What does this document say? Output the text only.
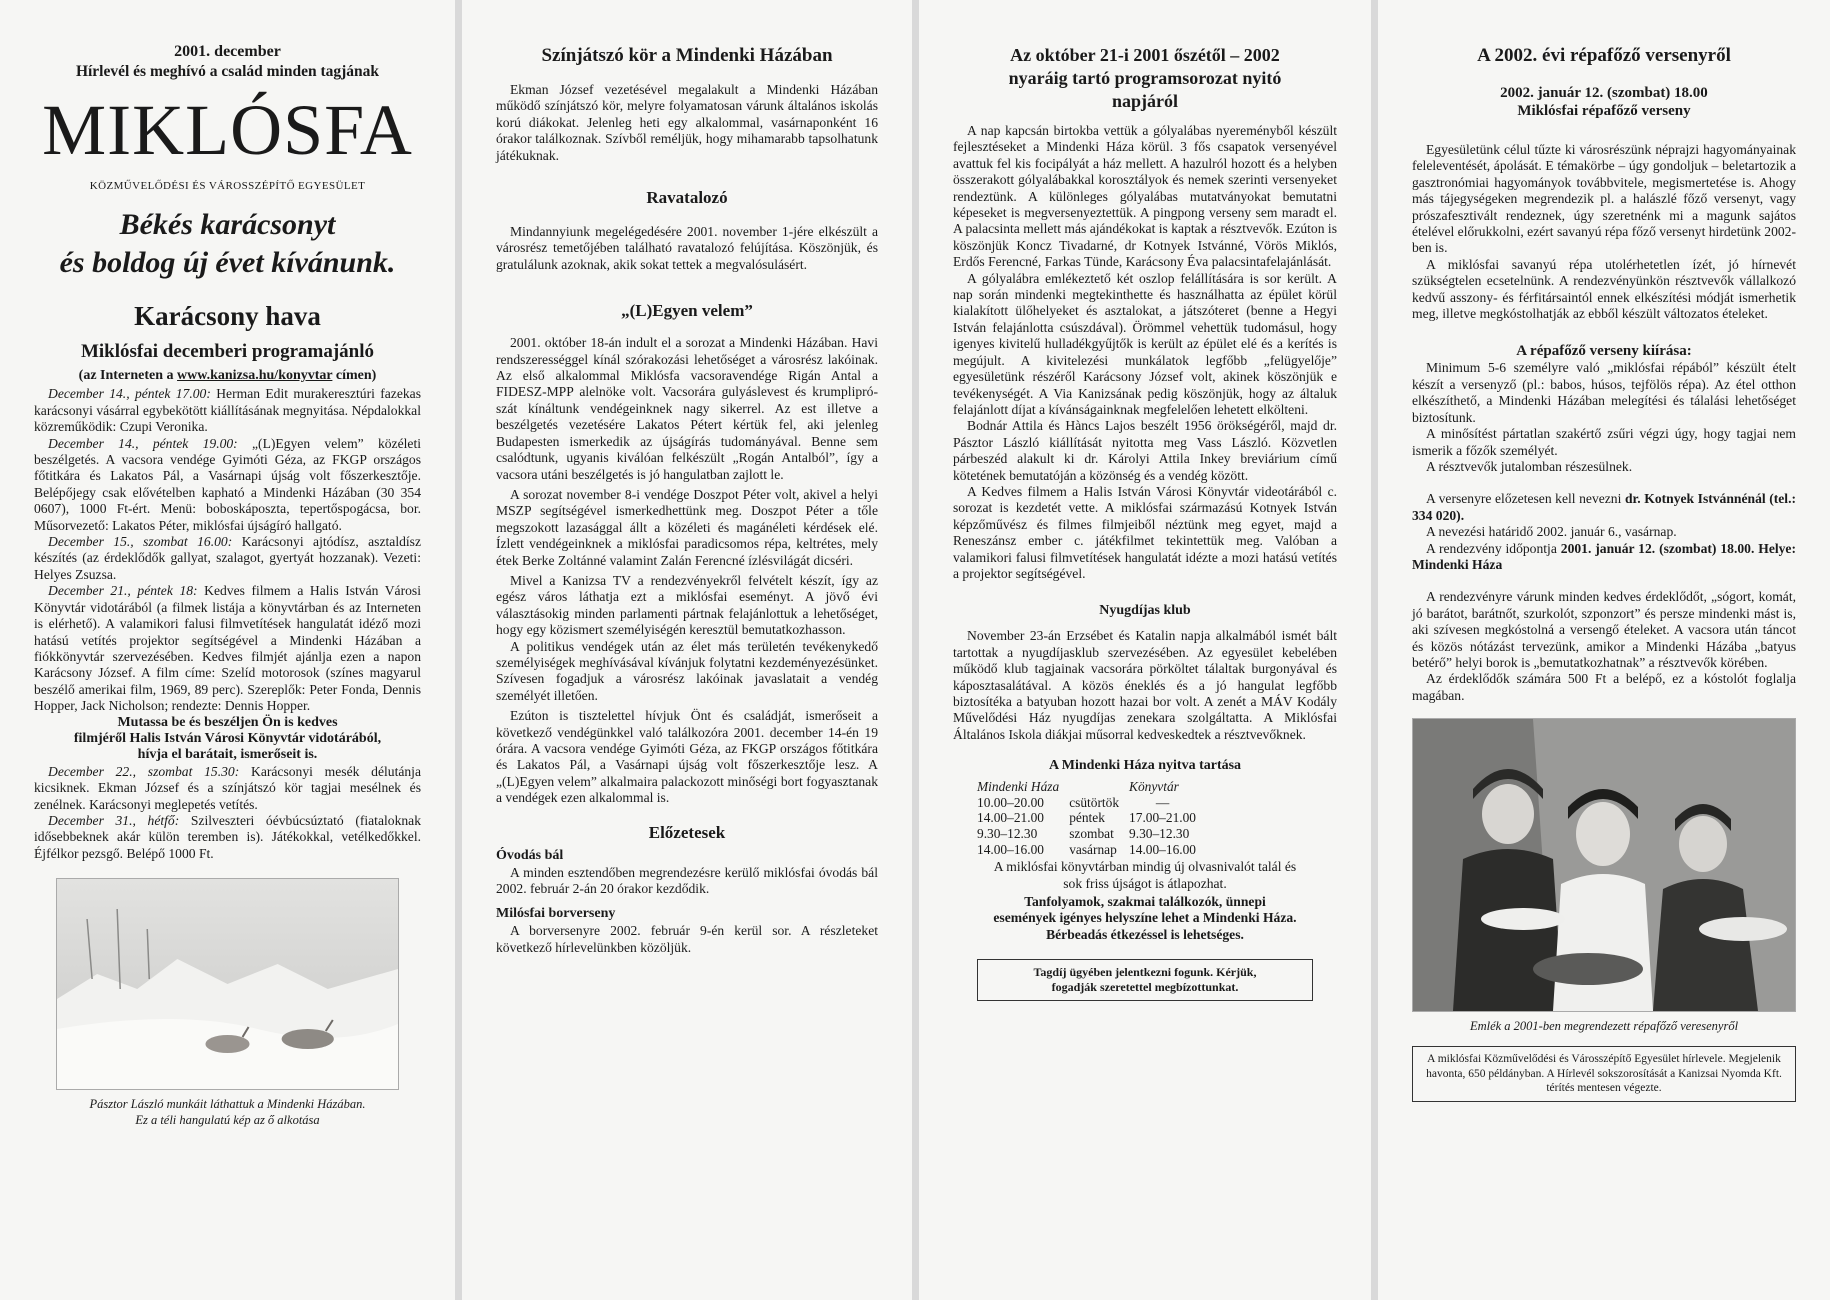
2001. december
Hírlevél és meghívó a család minden tagjának
MIKLÓSFA
KÖZMŰVELŐDÉSI ÉS VÁROSSZÉPÍTŐ EGYESÜLET
Békés karácsonyt
és boldog új évet kívánunk.
Karácsony hava
Miklósfai decemberi programajánló

(az Interneten a www.kanizsa.hu/konyvtar címen)

December 14., péntek 17.00: Herman Edit murakeresztúri fazekas karácsonyi vásárral egybekötött kiállításának megnyitása. Népdalokkal közreműködik: Czupi Veronika.

December 14., péntek 19.00: „(L)Egyen velem” közéleti beszélgetés. A vacsora vendége Gyimóti Géza, az FKGP országos főtitkára és Lakatos Pál, a Vasárnapi újság volt főszerkesztője. Belépőjegy csak elővételben kapható a Mindenki Házában (30 354 0607), 1000 Ft-ért. Menü: boboskáposzta, tepertőspogácsa, bor. Műsorvezető: Lakatos Péter, miklósfai újságíró hallgató.

December 15., szombat 16.00: Karácsonyi ajtódísz, asztaldísz készítés (az érdeklődők gallyat, szalagot, gyertyát hozzanak). Vezeti: Helyes Zsuzsa.

December 21., péntek 18: Kedves filmem a Halis István Városi Könyvtár vidotárából (a filmek listája a könyvtárban és az Interneten is elérhető). A valamikori falusi filmvetítések hangulatát idéző mozi hatású vetítés projektor segítségével a Mindenki Házában a fiókkönyvtár szervezésében. Kedves filmjét ajánlja ezen a napon Karácsony József. A film címe: Szelíd motorosok (színes magyarul beszélő amerikai film, 1969, 89 perc). Szereplők: Peter Fonda, Dennis Hopper, Jack Nicholson; rendezte: Dennis Hopper.

Mutassa be és beszéljen Ön is kedves
filmjéről Halis István Városi Könyvtár vidotárából,
hívja el barátait, ismerőseit is.

December 22., szombat 15.30: Karácsonyi mesék délutánja kicsiknek. Ekman József és a színjátszó kör tagjai mesélnek és zenélnek. Karácsonyi meglepetés vetítés.

December 31., hétfő: Szilveszteri óévbúcsúztató (fiataloknak idősebbeknek akár külön teremben is). Játékokkal, vetélkedőkkel. Éjfélkor pezsgő. Belépő 1000 Ft.

Pásztor László munkáit láthattuk a Mindenki Házában.
Ez a téli hangulatú kép az ő alkotása
Színjátszó kör a Mindenki Házában

Ekman József vezetésével megalakult a Mindenki Házában működő színjátszó kör, melyre folyamatosan várunk általános iskolás korú diákokat. Jelenleg heti egy alkalommal, vasárnaponként 16 órakor találkoznak. Szívből reméljük, hogy mihamarabb tapsolhatunk játékuknak.

Ravatalozó

Mindannyiunk megelégedésére 2001. november 1-jére elkészült a városrész temetőjében található ravatalozó felújítása. Köszönjük, és gratulálunk azoknak, akik sokat tettek a megvalósulásért.

„(L)Egyen velem”

2001. október 18-án indult el a sorozat a Mindenki Házában. Havi rendszerességgel kínál szórakozási lehetőséget a városrész lakóinak. Az első alkalommal Miklósfa vacsoravendége Rigán Antal a FIDESZ-MPP alelnöke volt. Vacsorára gulyáslevest és krumpliprószát kínáltunk vendégeinknek nagy sikerrel. Az est illetve a beszélgetés vezetésére Lakatos Pétert kértük fel, aki jelenleg Budapesten ismerkedik az újságírás tudományával. Benne sem csalódtunk, ugyanis kiválóan felkészült „Rogán Antalból”, így a vacsora utáni beszélgetés is jó hangulatban zajlott le.

A sorozat november 8-i vendége Doszpot Péter volt, akivel a helyi MSZP segítségével ismerkedhettünk meg. Doszpot Péter a tőle megszokott lazasággal állt a közéleti és magánéleti kérdések elé. Ízlett vendégeinknek a miklósfai paradicsomos répa, keltrétes, mely étek Berke Zoltánné valamint Zalán Ferencné ízlésvilágát dicséri.

Mivel a Kanizsa TV a rendezvényekről felvételt készít, így az egész város láthatja ezt a miklósfai eseményt. A jövő évi választásokig minden parlamenti pártnak felajánlottuk a lehetőséget, hogy egy közismert személyiségén keresztül bemutatkozhasson.

A politikus vendégek után az élet más területén tevékenykedő személyiségek meghívásával kívánjuk folytatni kezdeményezésünket. Szívesen fogadjuk a városrész lakóinak javaslatait a vendég személyét illetően.

Ezúton is tisztelettel hívjuk Önt és családját, ismerőseit a következő vendégünkkel való találkozóra 2001. december 14-én 19 órára. A vacsora vendége Gyimóti Géza, az FKGP országos főtitkára és Lakatos Pál, a Vasárnapi újság volt főszerkesztője lesz. A „(L)Egyen velem” alkalmaira palackozott minőségi bort fogyasztanak a vendégek ezen alkalommal is.

Előzetesek
Óvodás bál

A minden esztendőben megrendezésre kerülő miklósfai óvodás bál 2002. február 2-án 20 órakor kezdődik.

Milósfai borverseny

A borversenyre 2002. február 9-én kerül sor. A részleteket következő hírlevelünkben közöljük.

Az október 21-i 2001 őszétől – 2002
nyaráig tartó programsorozat nyitó
napjáról

A nap kapcsán birtokba vettük a gólyalábas nyereményből készült fejlesztéseket a Mindenki Háza körül. 3 fős csapatok versenyével avattuk fel kis focipályát a ház mellett. A hazulról hozott és a helyben összerakott gólyalábakkal korosztályok és nemek szerinti versenyeket rendeztünk. A különleges gólyalábas mutatványokat bemutatni képeseket is megversenyeztettük. A pingpong verseny sem maradt el. A palacsinta mellett más ajándékokat is kaptak a résztvevők. Ezúton is köszönjük Koncz Tivadarné, dr Kotnyek Istvánné, Vörös Miklós, Erdős Ferencné, Farkas Tünde, Karácsony Éva palacsintafelajánlását.

A gólyalábra emlékeztető két oszlop felállítására is sor került. A nap során mindenki megtekinthette és használhatta az épület körül kialakított ülőhelyeket és asztalokat, a játszóteret (benne a Hegyi István felajánlotta csúszdával). Örömmel vehettük tudomásul, hogy igenyes kivitelű hulladékgyűjtők is került az épület elé és a kerítés is megújult. A kivitelezési munkálatok legfőbb „felügyelője” egyesületünk részéről Karácsony József volt, akinek köszönjük e tevékenységét. A Via Kanizsának pedig köszönjük, hogy az általuk felajánlott díjat a kívánságainknak megfelelően lehetett elkölteni.

Bodnár Attila és Hàncs Lajos beszélt 1956 örökségéről, majd dr. Pásztor László kiállítását nyitotta meg Vass László. Közvetlen párbeszéd alakult ki dr. Károlyi Attila Inkey breviárium című kötetének bemutatóján a közönség és a vendég között.

A Kedves filmem a Halis István Városi Könyvtár videotárából c. sorozat is kezdetét vette. A miklósfai származású Kotnyek István képzőművész és filmes filmjeiből néztünk meg egyet, majd a Reneszánsz ember c. játékfilmet tekintettük meg. Valóban a valamikori falusi filmvetítések hangulatát idézte a mozi hatású vetítés a projektor segítségével.

Nyugdíjas klub

November 23-án Erzsébet és Katalin napja alkalmából ismét bált tartottak a nyugdíjasklub szervezésében. Az egyesület kebelében működő klub tagjainak vacsorára pörköltet tálaltak burgonyával és káposztasalátával. A közös éneklés és a jó hangulat legfőbb biztosítéka a batyuban hozott hazai bor volt. A zenét a MÁV Kodály Művelődési Ház nyugdíjas zenekara szolgáltatta. A Miklósfai Általános Iskola diákjai műsorral kedveskedtek a résztvevőknek.

A Mindenki Háza nyitva tartása
Mindenki Háza		Könyvtár
10.00–20.00	csütörtök	—
14.00–21.00	péntek	17.00–21.00
9.30–12.30	szombat	9.30–12.30
14.00–16.00	vasárnap	14.00–16.00

A miklósfai könyvtárban mindig új olvasnivalót talál és
sok friss újságot is átlapozhat.

Tanfolyamok, szakmai találkozók, ünnepi
események igényes helyszíne lehet a Mindenki Háza.
Bérbeadás étkezéssel is lehetséges.

Tagdíj ügyében jelentkezni fogunk. Kérjük,
fogadják szeretettel megbízottunkat.
A 2002. évi répafőző versenyről
2002. január 12. (szombat) 18.00
Miklósfai répafőző verseny

Egyesületünk célul tűzte ki városrészünk néprajzi hagyományainak feleleventését, ápolását. E témakörbe – úgy gondoljuk – beletartozik a gasztronómiai hagyományok továbbvitele, megismertetése is. Ahogy más tájegységeken megrendezik pl. a halászlé főző versenyt, vagy prószafesztivált rendeznek, úgy szeretnénk mi a magunk sajátos ételével előrukkolni, ezért savanyú répa főző versenyt hirdetünk 2002-ben is.

A miklósfai savanyú répa utolérhetetlen ízét, jó hírnevét szükségtelen ecsetelnünk. A rendezvényünkön résztvevők vállalkozó kedvű asszony- és férfitársaintól ennek elkészítési módját ismerhetik meg, illetve megkóstolhatják az ebből készült változatos ételeket.

A répafőző verseny kiírása:

Minimum 5-6 személyre való „miklósfai répából” készült ételt készít a versenyző (pl.: babos, húsos, tejfölös répa). Az étel otthon elkészíthető, a Mindenki Házában melegítési és tálalási lehetőséget biztosítunk.

A minősítést pártatlan szakértő zsűri végzi úgy, hogy tagjai nem ismerik a főzők személyét.

A résztvevők jutalomban részesülnek.

A versenyre előzetesen kell nevezni dr. Kotnyek Istvánnénál (tel.: 334 020).

A nevezési határidő 2002. január 6., vasárnap.

A rendezvény időpontja 2001. január 12. (szombat) 18.00. Helye: Mindenki Háza

A rendezvényre várunk minden kedves érdeklődőt, „sógort, komát, jó barátot, barátnőt, szurkolót, szponzort” és persze mindenki mást is, aki szívesen megkóstolná a versengő ételeket. A vacsora után táncot és közös nótázást tervezünk, amikor a Mindenki Házába „batyus betérő” helyi borok is „bemutatkozhatnak” a résztvevők körében.

Az érdeklődők számára 500 Ft a belépő, ez a kóstolót foglalja magában.

Emlék a 2001-ben megrendezett répafőző veresenyről
A miklósfai Közművelődési és Városszépítő Egyesület hírlevele. Megjelenik havonta, 650 példányban. A Hírlevél sokszorosítását a Kanizsai Nyomda Kft. térítés mentesen végezte.
